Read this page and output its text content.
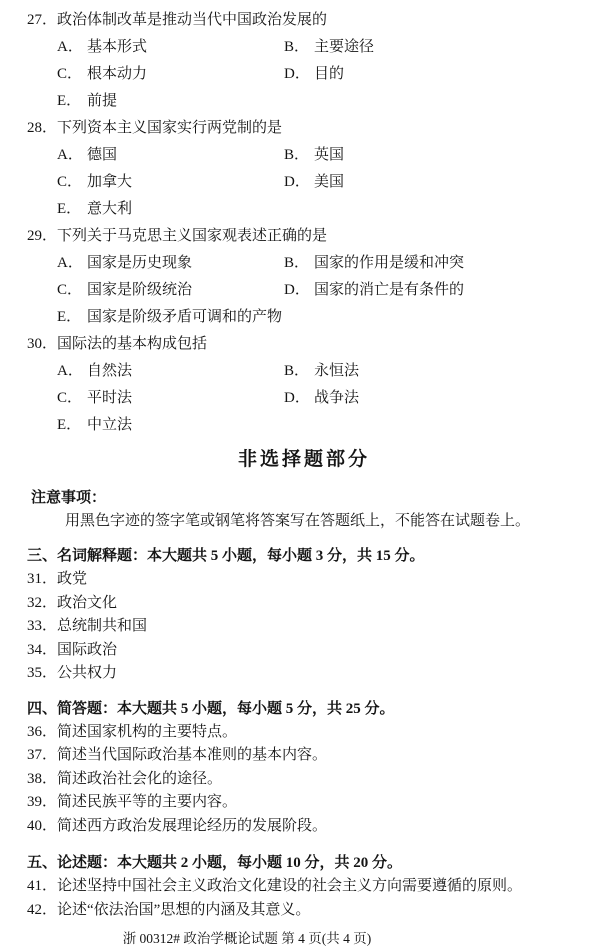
27．政治体制改革是推动当代中国政治发展的
A． 基本形式	B． 主要途径
C． 根本动力	D． 目的
E． 前提
28．下列资本主义国家实行两党制的是
A． 德国	B． 英国
C． 加拿大	D． 美国
E． 意大利
29．下列关于马克思主义国家观表述正确的是
A． 国家是历史现象	B． 国家的作用是缓和冲突
C． 国家是阶级统治	D． 国家的消亡是有条件的
E． 国家是阶级矛盾可调和的产物
30．国际法的基本构成包括
A． 自然法	B． 永恒法
C． 平时法	D． 战争法
E． 中立法
非选择题部分
注意事项：
用黑色字迹的签字笔或钢笔将答案写在答题纸上，不能答在试题卷上。
三、名词解释题：本大题共 5 小题，每小题 3 分，共 15 分。
31．政党
32．政治文化
33．总统制共和国
34．国际政治
35．公共权力
四、简答题：本大题共 5 小题，每小题 5 分，共 25 分。
36．简述国家机构的主要特点。
37．简述当代国际政治基本准则的基本内容。
38．简述政治社会化的途径。
39．简述民族平等的主要内容。
40．简述西方政治发展理论经历的发展阶段。
五、论述题：本大题共 2 小题，每小题 10 分，共 20 分。
41．论述坚持中国社会主义政治文化建设的社会主义方向需要遵循的原则。
42．论述“依法治国”思想的内涵及其意义。
浙 00312# 政治学概论试题 第 4 页(共 4 页)
